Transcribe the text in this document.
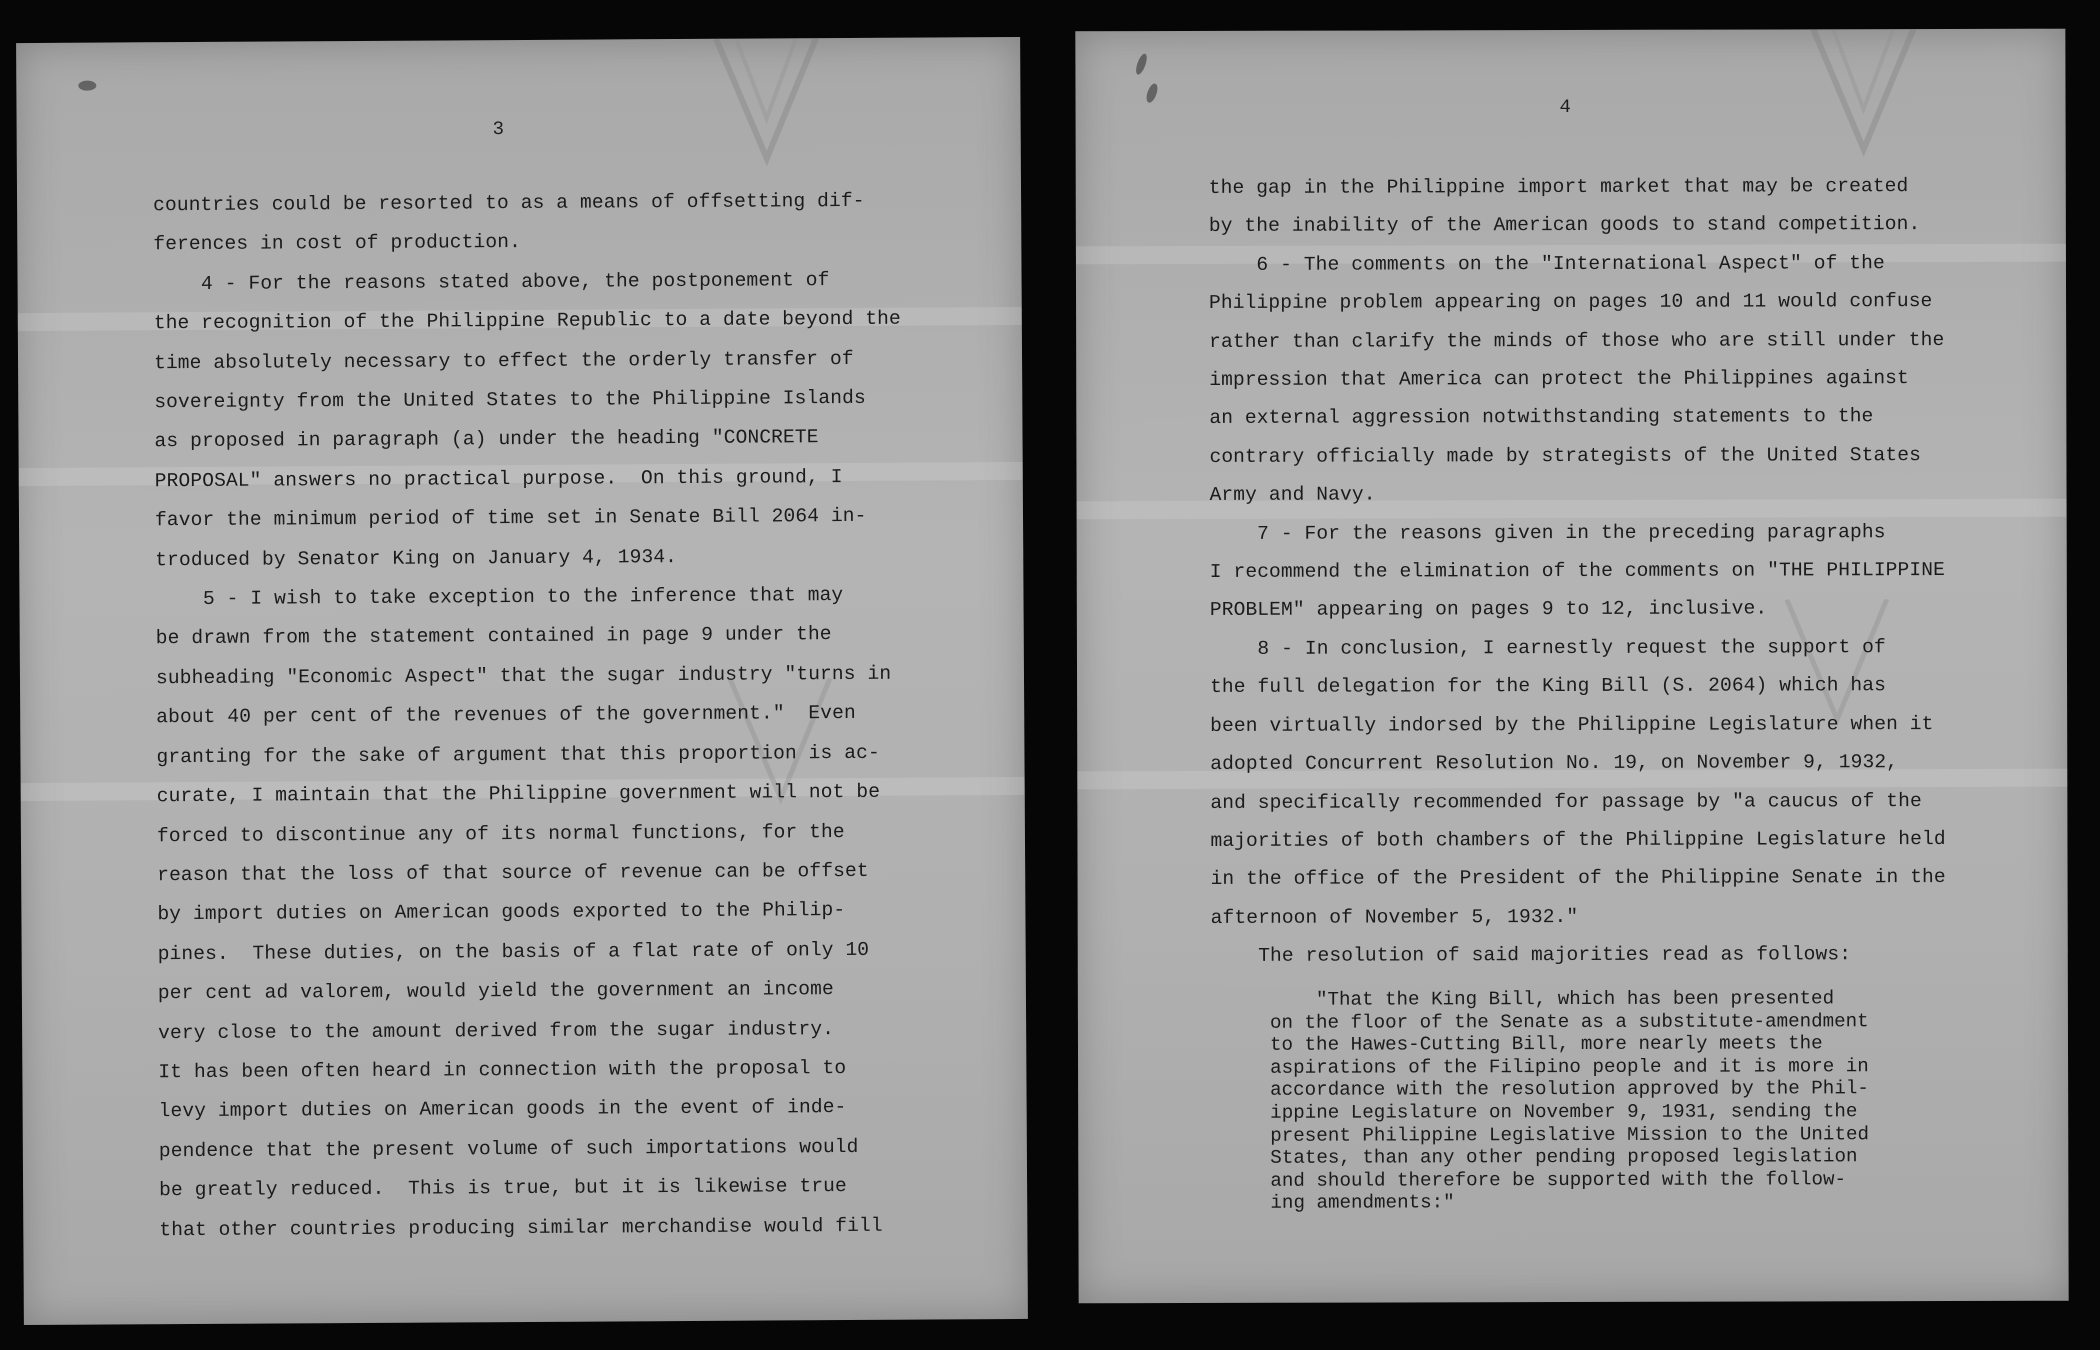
3
countries could be resorted to as a means of offsetting dif-
ferences in cost of production.
4 - For the reasons stated above, the postponement of
the recognition of the Philippine Republic to a date beyond the
time absolutely necessary to effect the orderly transfer of
sovereignty from the United States to the Philippine Islands
as proposed in paragraph (a) under the heading "CONCRETE
PROPOSAL" answers no practical purpose.  On this ground, I
favor the minimum period of time set in Senate Bill 2064 in-
troduced by Senator King on January 4, 1934.
5 - I wish to take exception to the inference that may
be drawn from the statement contained in page 9 under the
subheading "Economic Aspect" that the sugar industry "turns in
about 40 per cent of the revenues of the government."  Even
granting for the sake of argument that this proportion is ac-
curate, I maintain that the Philippine government will not be
forced to discontinue any of its normal functions, for the
reason that the loss of that source of revenue can be offset
by import duties on American goods exported to the Philip-
pines.  These duties, on the basis of a flat rate of only 10
per cent ad valorem, would yield the government an income
very close to the amount derived from the sugar industry.
It has been often heard in connection with the proposal to
levy import duties on American goods in the event of inde-
pendence that the present volume of such importations would
be greatly reduced.  This is true, but it is likewise true
that other countries producing similar merchandise would fill
4
the gap in the Philippine import market that may be created
by the inability of the American goods to stand competition.
6 - The comments on the "International Aspect" of the
Philippine problem appearing on pages 10 and 11 would confuse
rather than clarify the minds of those who are still under the
impression that America can protect the Philippines against
an external aggression notwithstanding statements to the
contrary officially made by strategists of the United States
Army and Navy.
7 - For the reasons given in the preceding paragraphs
I recommend the elimination of the comments on "THE PHILIPPINE
PROBLEM" appearing on pages 9 to 12, inclusive.
8 - In conclusion, I earnestly request the support of
the full delegation for the King Bill (S. 2064) which has
been virtually indorsed by the Philippine Legislature when it
adopted Concurrent Resolution No. 19, on November 9, 1932,
and specifically recommended for passage by "a caucus of the
majorities of both chambers of the Philippine Legislature held
in the office of the President of the Philippine Senate in the
afternoon of November 5, 1932."
The resolution of said majorities read as follows:
"That the King Bill, which has been presented
on the floor of the Senate as a substitute-amendment
to the Hawes-Cutting Bill, more nearly meets the
aspirations of the Filipino people and it is more in
accordance with the resolution approved by the Phil-
ippine Legislature on November 9, 1931, sending the
present Philippine Legislative Mission to the United
States, than any other pending proposed legislation
and should therefore be supported with the follow-
ing amendments:"
